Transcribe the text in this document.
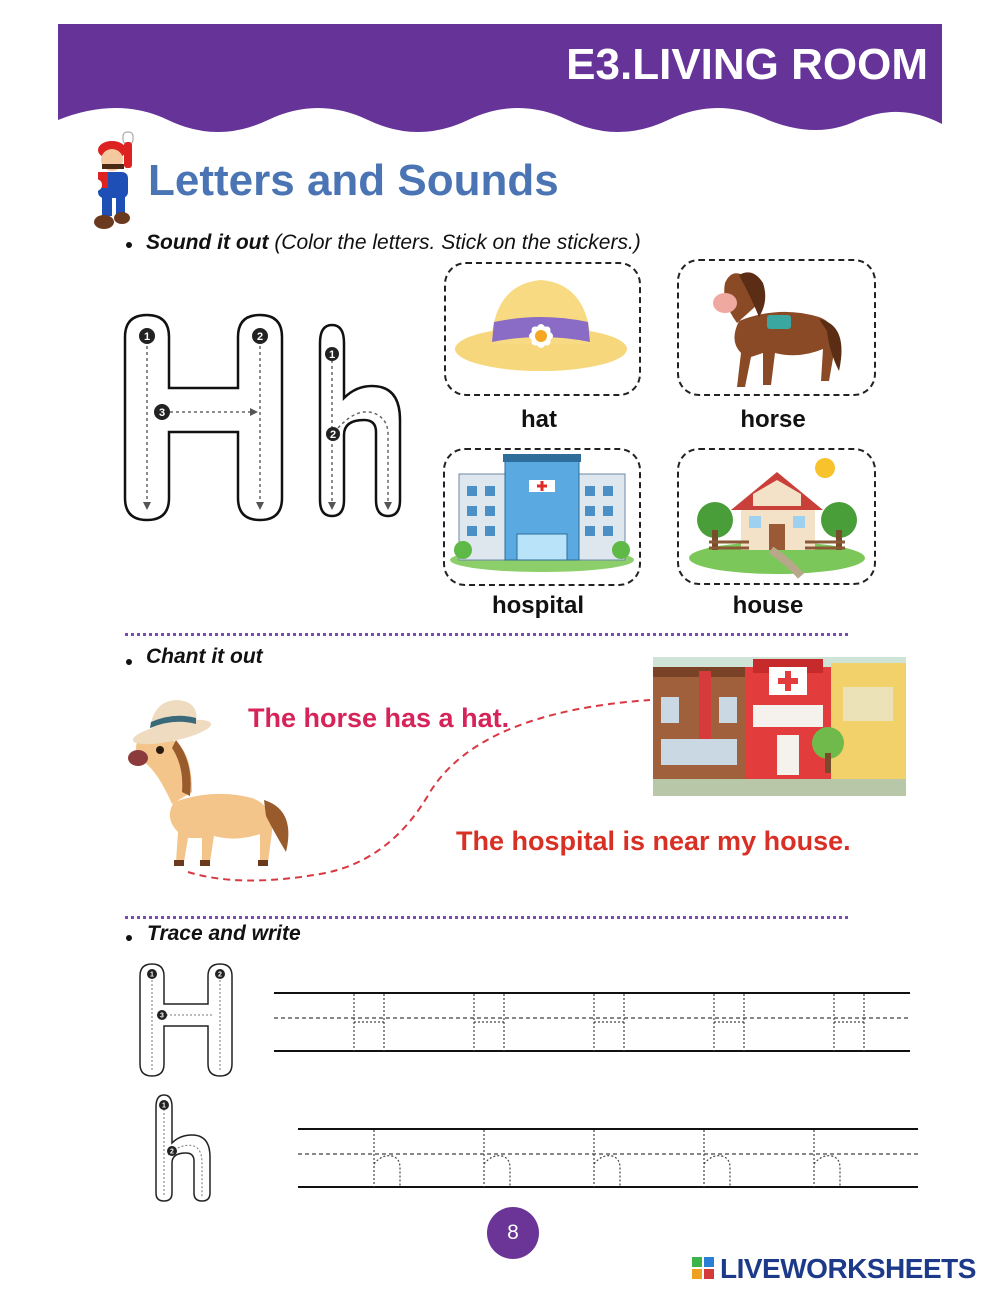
E3.LIVING ROOM
Letters and Sounds
Sound it out (Color the letters. Stick on the stickers.)
1	2
3
1
2
hat	horse
hospital	house
Chant it out
The horse has a hat.
The hospital is near my house.
Trace and write
1	2
3
1
2
8
LIVEWORKSHEETS
